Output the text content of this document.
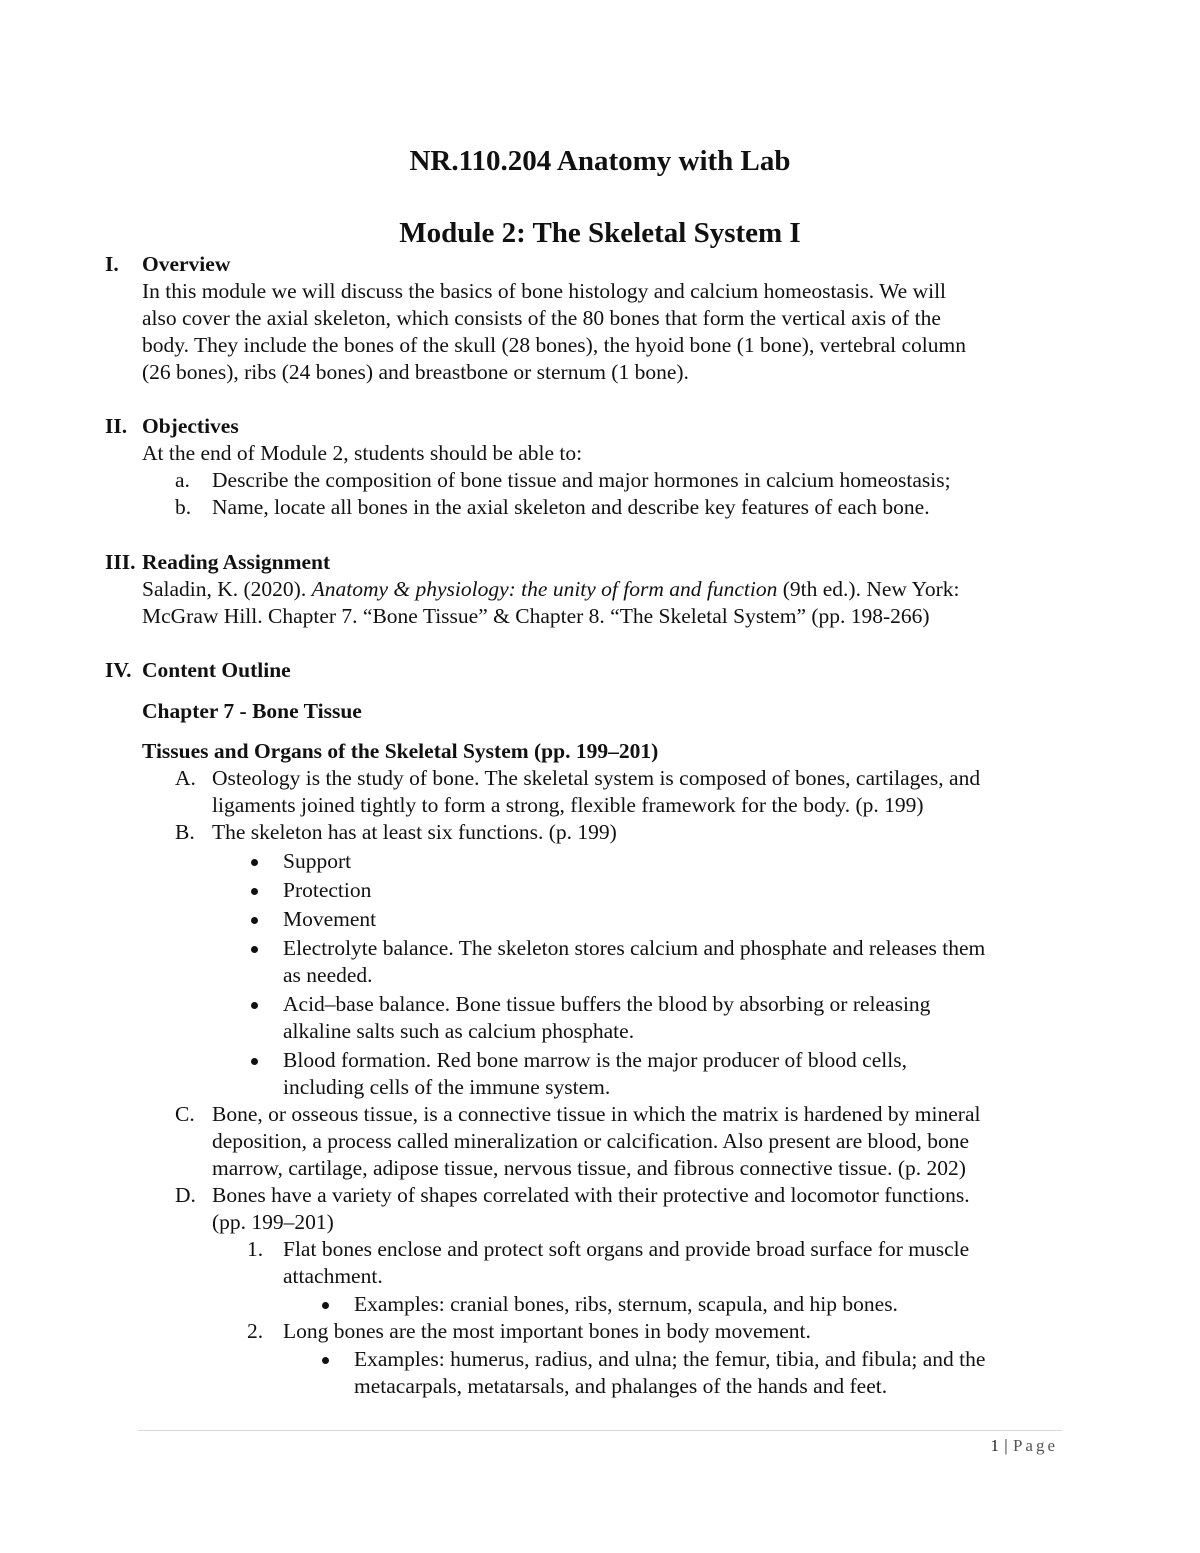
NR.110.204 Anatomy with Lab
Module 2: The Skeletal System I
I. Overview
In this module we will discuss the basics of bone histology and calcium homeostasis. We will
also cover the axial skeleton, which consists of the 80 bones that form the vertical axis of the
body. They include the bones of the skull (28 bones), the hyoid bone (1 bone), vertebral column
(26 bones), ribs (24 bones) and breastbone or sternum (1 bone).
II. Objectives
At the end of Module 2, students should be able to:
a. Describe the composition of bone tissue and major hormones in calcium homeostasis;
b. Name, locate all bones in the axial skeleton and describe key features of each bone.
III. Reading Assignment
Saladin, K. (2020). Anatomy & physiology: the unity of form and function (9th ed.). New York:
McGraw Hill. Chapter 7. “Bone Tissue” & Chapter 8. “The Skeletal System” (pp. 198-266)
IV. Content Outline
Chapter 7 - Bone Tissue
Tissues and Organs of the Skeletal System (pp. 199–201)
A. Osteology is the study of bone. The skeletal system is composed of bones, cartilages, and
ligaments joined tightly to form a strong, flexible framework for the body. (p. 199)
B. The skeleton has at least six functions. (p. 199)
Support
Protection
Movement
Electrolyte balance. The skeleton stores calcium and phosphate and releases them
as needed.
Acid–base balance. Bone tissue buffers the blood by absorbing or releasing
alkaline salts such as calcium phosphate.
Blood formation. Red bone marrow is the major producer of blood cells,
including cells of the immune system.
C. Bone, or osseous tissue, is a connective tissue in which the matrix is hardened by mineral
deposition, a process called mineralization or calcification. Also present are blood, bone
marrow, cartilage, adipose tissue, nervous tissue, and fibrous connective tissue. (p. 202)
D. Bones have a variety of shapes correlated with their protective and locomotor functions.
(pp. 199–201)
1. Flat bones enclose and protect soft organs and provide broad surface for muscle
attachment.
Examples: cranial bones, ribs, sternum, scapula, and hip bones.
2. Long bones are the most important bones in body movement.
Examples: humerus, radius, and ulna; the femur, tibia, and fibula; and the
metacarpals, metatarsals, and phalanges of the hands and feet.
1 | Page
